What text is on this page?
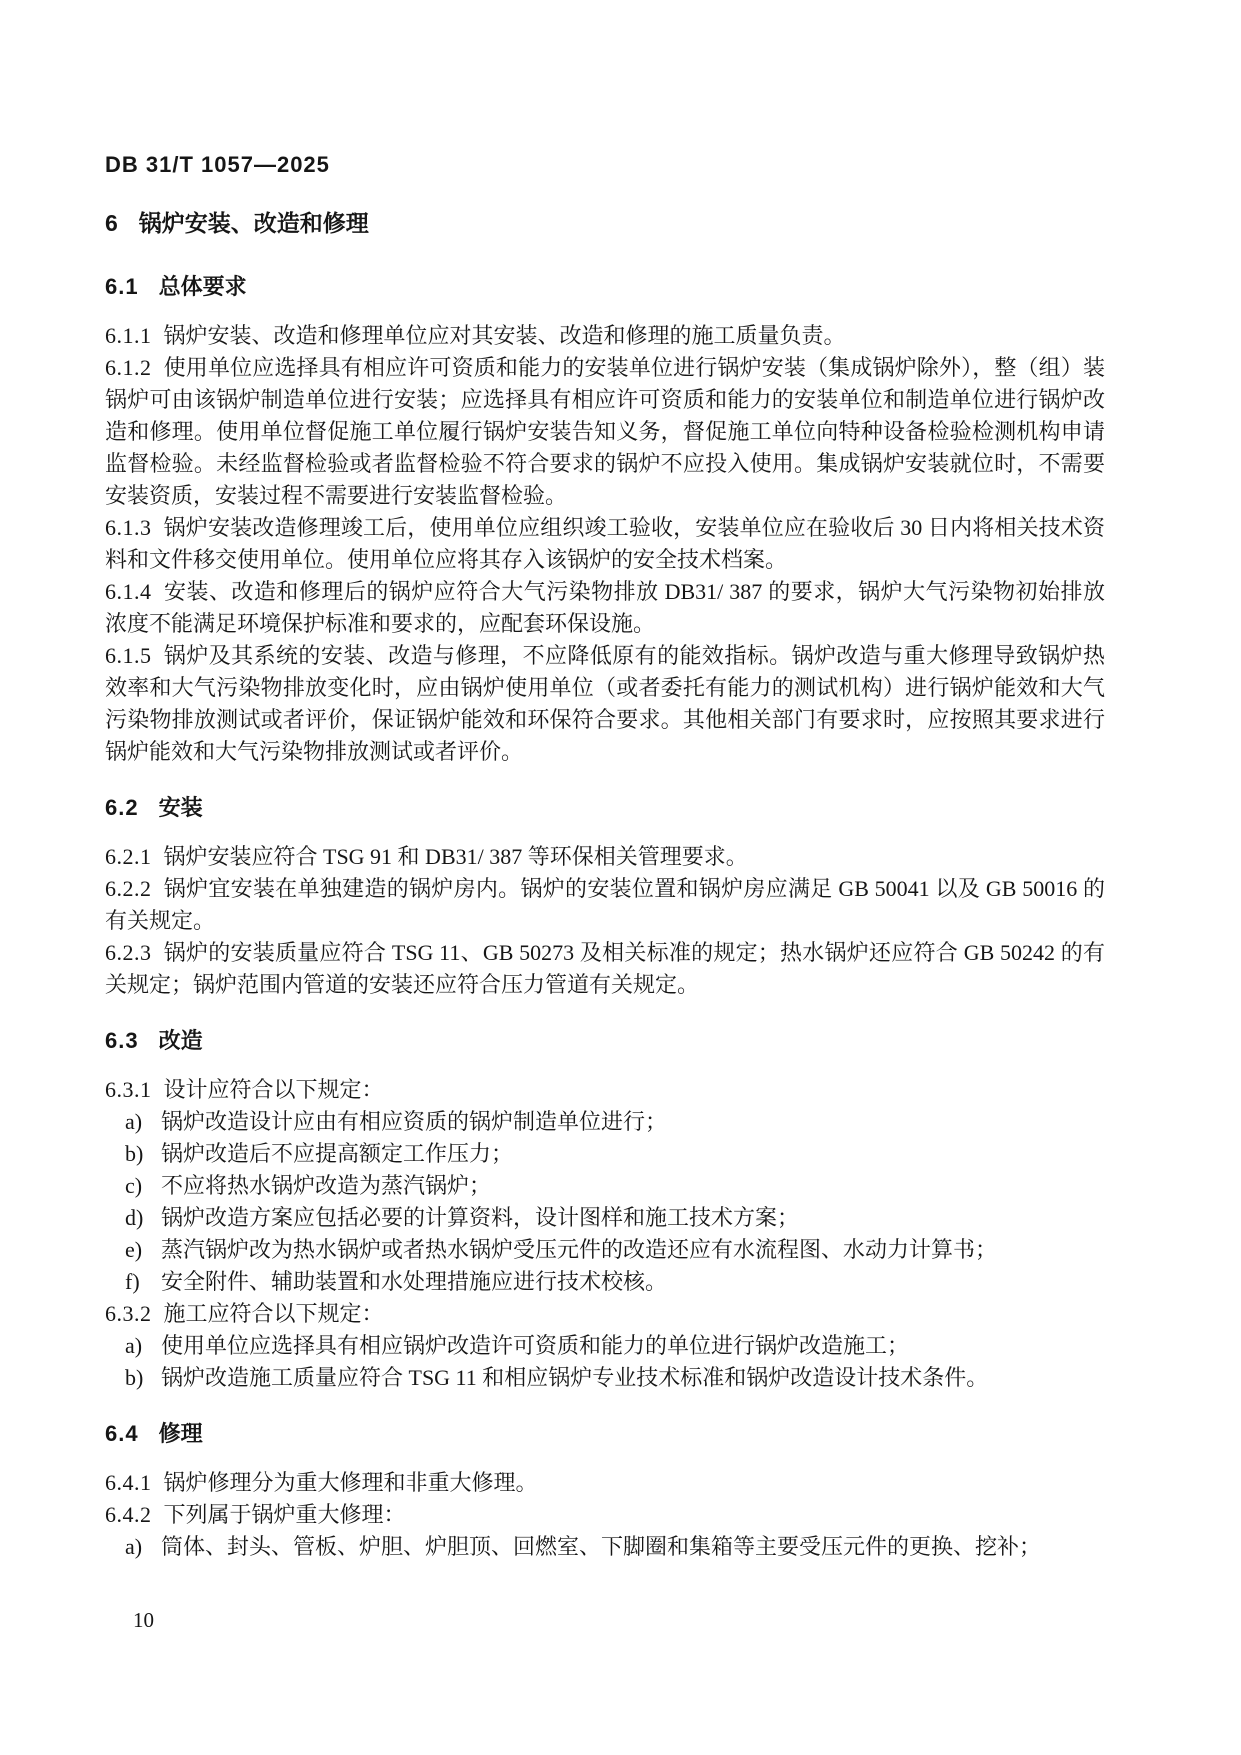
DB 31/T 1057—2025
6 锅炉安装、改造和修理
6.1 总体要求

6.1.1 锅炉安装、改造和修理单位应对其安装、改造和修理的施工质量负责。

6.1.2 使用单位应选择具有相应许可资质和能力的安装单位进行锅炉安装（集成锅炉除外），整（组）装锅炉可由该锅炉制造单位进行安装；应选择具有相应许可资质和能力的安装单位和制造单位进行锅炉改造和修理。使用单位督促施工单位履行锅炉安装告知义务，督促施工单位向特种设备检验检测机构申请监督检验。未经监督检验或者监督检验不符合要求的锅炉不应投入使用。集成锅炉安装就位时，不需要安装资质，安装过程不需要进行安装监督检验。

6.1.3 锅炉安装改造修理竣工后，使用单位应组织竣工验收，安装单位应在验收后 30 日内将相关技术资料和文件移交使用单位。使用单位应将其存入该锅炉的安全技术档案。

6.1.4 安装、改造和修理后的锅炉应符合大气污染物排放 DB31/ 387 的要求，锅炉大气污染物初始排放浓度不能满足环境保护标准和要求的，应配套环保设施。

6.1.5 锅炉及其系统的安装、改造与修理，不应降低原有的能效指标。锅炉改造与重大修理导致锅炉热效率和大气污染物排放变化时，应由锅炉使用单位（或者委托有能力的测试机构）进行锅炉能效和大气污染物排放测试或者评价，保证锅炉能效和环保符合要求。其他相关部门有要求时，应按照其要求进行锅炉能效和大气污染物排放测试或者评价。

6.2 安装

6.2.1 锅炉安装应符合 TSG 91 和 DB31/ 387 等环保相关管理要求。

6.2.2 锅炉宜安装在单独建造的锅炉房内。锅炉的安装位置和锅炉房应满足 GB 50041 以及 GB 50016 的有关规定。

6.2.3 锅炉的安装质量应符合 TSG 11、GB 50273 及相关标准的规定；热水锅炉还应符合 GB 50242 的有关规定；锅炉范围内管道的安装还应符合压力管道有关规定。

6.3 改造

6.3.1 设计应符合以下规定：

a) 锅炉改造设计应由有相应资质的锅炉制造单位进行；

b) 锅炉改造后不应提高额定工作压力；

c) 不应将热水锅炉改造为蒸汽锅炉；

d) 锅炉改造方案应包括必要的计算资料，设计图样和施工技术方案；

e) 蒸汽锅炉改为热水锅炉或者热水锅炉受压元件的改造还应有水流程图、水动力计算书；

f) 安全附件、辅助装置和水处理措施应进行技术校核。

6.3.2 施工应符合以下规定：

a) 使用单位应选择具有相应锅炉改造许可资质和能力的单位进行锅炉改造施工；

b) 锅炉改造施工质量应符合 TSG 11 和相应锅炉专业技术标准和锅炉改造设计技术条件。

6.4 修理

6.4.1 锅炉修理分为重大修理和非重大修理。

6.4.2 下列属于锅炉重大修理：

a) 筒体、封头、管板、炉胆、炉胆顶、回燃室、下脚圈和集箱等主要受压元件的更换、挖补；

10
